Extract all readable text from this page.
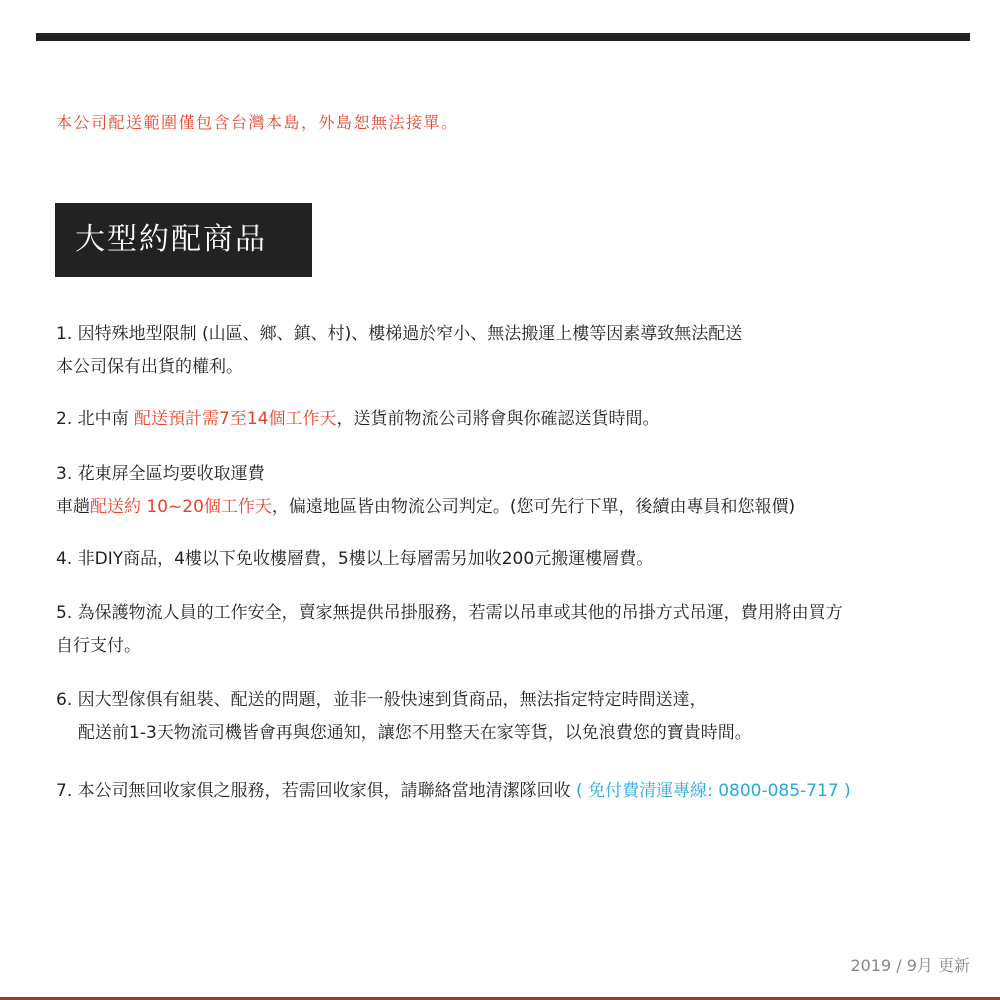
本公司配送範圍僅包含台灣本島，外島恕無法接單。
大型約配商品
1. 因特殊地型限制 (山區、鄉、鎮、村)、樓梯過於窄小、無法搬運上樓等因素導致無法配送
本公司保有出貨的權利。
2. 北中南 配送預計需7至14個工作天，送貨前物流公司將會與你確認送貨時間。
3. 花東屏全區均要收取運費
車趟配送約 10~20個工作天，偏遠地區皆由物流公司判定。(您可先行下單，後續由專員和您報價)
4. 非DIY商品，4樓以下免收樓層費，5樓以上每層需另加收200元搬運樓層費。
5. 為保護物流人員的工作安全，賣家無提供吊掛服務，若需以吊車或其他的吊掛方式吊運，費用將由買方
自行支付。
6. 因大型傢俱有組裝、配送的問題，並非一般快速到貨商品，無法指定特定時間送達，
配送前1-3天物流司機皆會再與您通知，讓您不用整天在家等貨，以免浪費您的寶貴時間。
7. 本公司無回收家俱之服務，若需回收家俱，請聯絡當地清潔隊回收 ( 免付費清運專線: 0800-085-717 )
2019 / 9月 更新
